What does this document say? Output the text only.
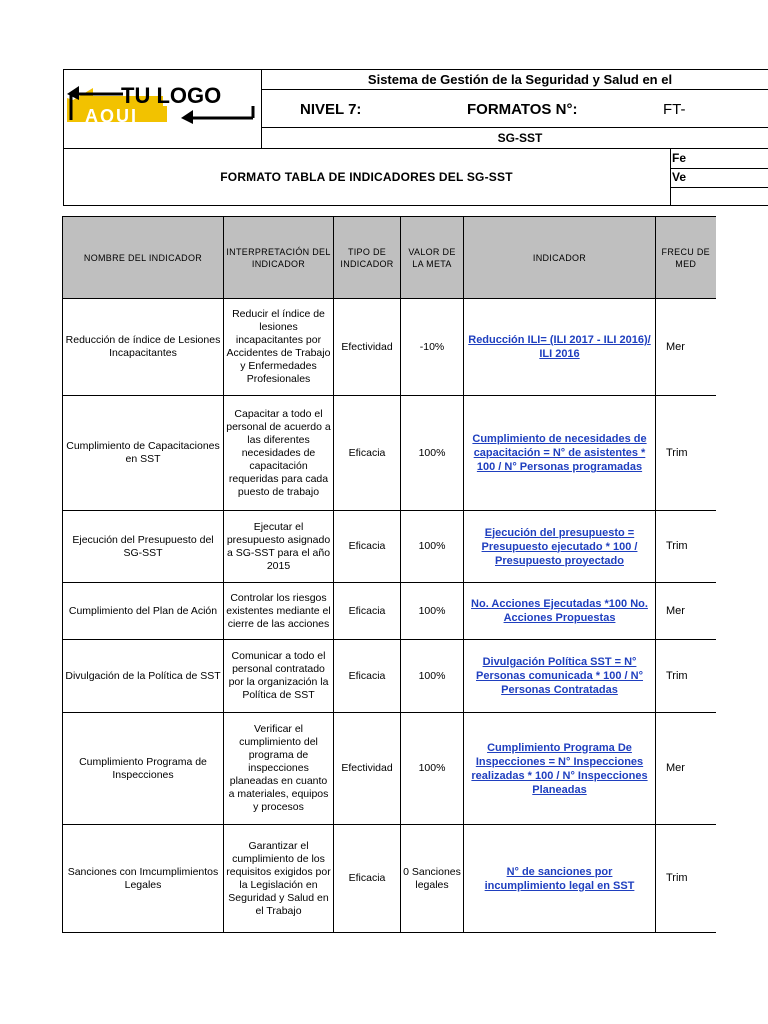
TU LOGO
AQUI
Sistema de Gestión de la Seguridad y Salud en el
NIVEL 7:	FORMATOS N°:	FT-
SG-SST
FORMATO TABLA DE INDICADORES DEL SG-SST
Fe
Ve
NOMBRE DEL INDICADOR	INTERPRETACIÓN DEL INDICADOR	TIPO DE INDICADOR	VALOR DE LA META	INDICADOR	FRECU DE MED
Reducción de índice de Lesiones Incapacitantes	Reducir el índice de lesiones incapacitantes por Accidentes de Trabajo y Enfermedades Profesionales	Efectividad	-10%	Reducción ILI= (ILI 2017 - ILI 2016)/ ILI 2016	Mer
Cumplimiento de Capacitaciones en SST	Capacitar a todo el personal de acuerdo a las diferentes necesidades de capacitación requeridas para cada puesto de trabajo	Eficacia	100%	Cumplimiento de necesidades de capacitación = N° de asistentes * 100 / N° Personas programadas	Trim
Ejecución del Presupuesto del SG-SST	Ejecutar el presupuesto asignado a SG-SST para el año 2015	Eficacia	100%	Ejecución del presupuesto = Presupuesto ejecutado * 100 / Presupuesto proyectado	Trim
Cumplimiento del Plan de Ación	Controlar los riesgos existentes mediante el cierre de las acciones	Eficacia	100%	No. Acciones Ejecutadas *100 No. Acciones Propuestas	Mer
Divulgación de la Política de SST	Comunicar a todo el personal contratado por la organización la Política de SST	Eficacia	100%	Divulgación Política SST = N° Personas comunicada * 100 / N° Personas Contratadas	Trim
Cumplimiento Programa de Inspecciones	Verificar el cumplimiento del programa de inspecciones planeadas en cuanto a materiales, equipos y procesos	Efectividad	100%	Cumplimiento Programa De Inspecciones = N° Inspecciones realizadas * 100 / N° Inspecciones Planeadas	Mer
Sanciones con Imcumplimientos Legales	Garantizar el cumplimiento de los requisitos exigidos por la Legislación en Seguridad y Salud en el Trabajo	Eficacia	0 Sanciones legales	N° de sanciones por incumplimiento legal en SST	Trim
